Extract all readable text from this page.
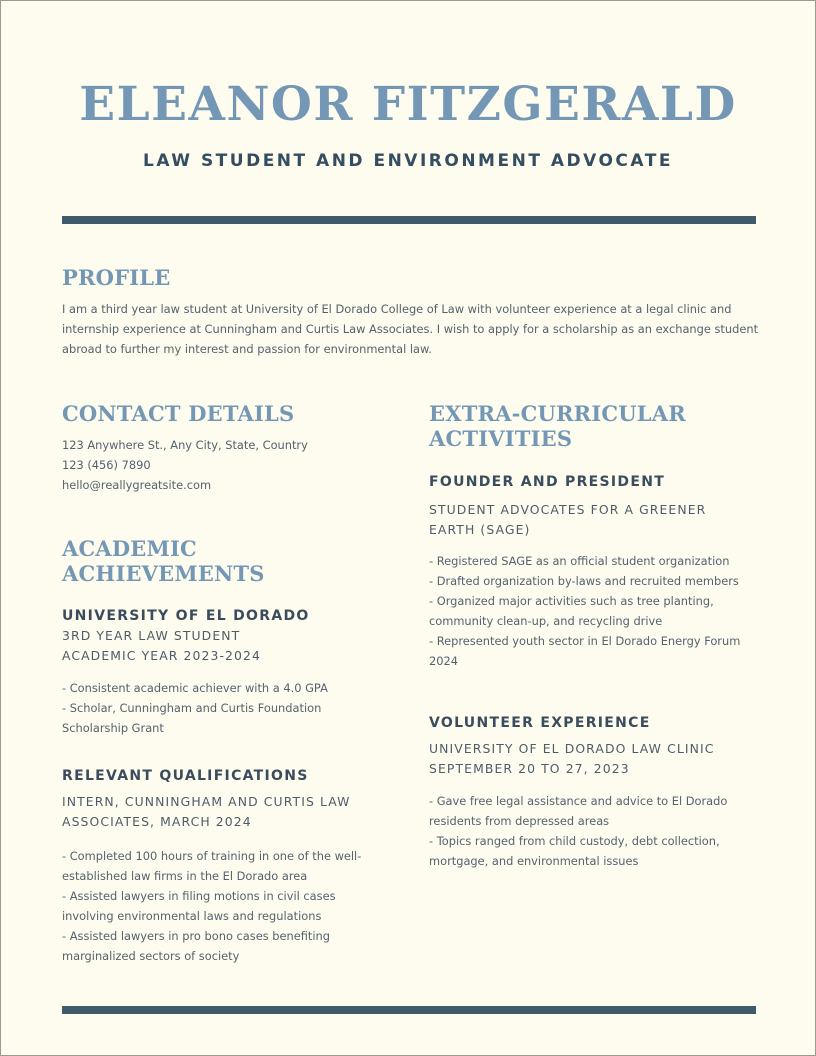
ELEANOR FITZGERALD
LAW STUDENT AND ENVIRONMENT ADVOCATE
PROFILE

I am a third year law student at University of El Dorado College of Law with volunteer experience at a legal clinic and internship experience at Cunningham and Curtis Law Associates. I wish to apply for a scholarship as an exchange student abroad to further my interest and passion for environmental law.

CONTACT DETAILS

123 Anywhere St., Any City, State, Country

123 (456) 7890

hello@reallygreatsite.com

ACADEMIC ACHIEVEMENTS

UNIVERSITY OF EL DORADO

3RD YEAR LAW STUDENT

ACADEMIC YEAR 2023-2024

- Consistent academic achiever with a 4.0 GPA
- Scholar, Cunningham and Curtis Foundation Scholarship Grant

RELEVANT QUALIFICATIONS

INTERN, CUNNINGHAM AND CURTIS LAW ASSOCIATES, MARCH 2024

- Completed 100 hours of training in one of the well-established law firms in the El Dorado area
- Assisted lawyers in filing motions in civil cases involving environmental laws and regulations
- Assisted lawyers in pro bono cases benefiting marginalized sectors of society

EXTRA-CURRICULAR ACTIVITIES

FOUNDER AND PRESIDENT

STUDENT ADVOCATES FOR A GREENER EARTH (SAGE)

- Registered SAGE as an official student organization
- Drafted organization by-laws and recruited members
- Organized major activities such as tree planting, community clean-up, and recycling drive
- Represented youth sector in El Dorado Energy Forum 2024

VOLUNTEER EXPERIENCE

UNIVERSITY OF EL DORADO LAW CLINIC

SEPTEMBER 20 TO 27, 2023

- Gave free legal assistance and advice to El Dorado residents from depressed areas
- Topics ranged from child custody, debt collection, mortgage, and environmental issues
